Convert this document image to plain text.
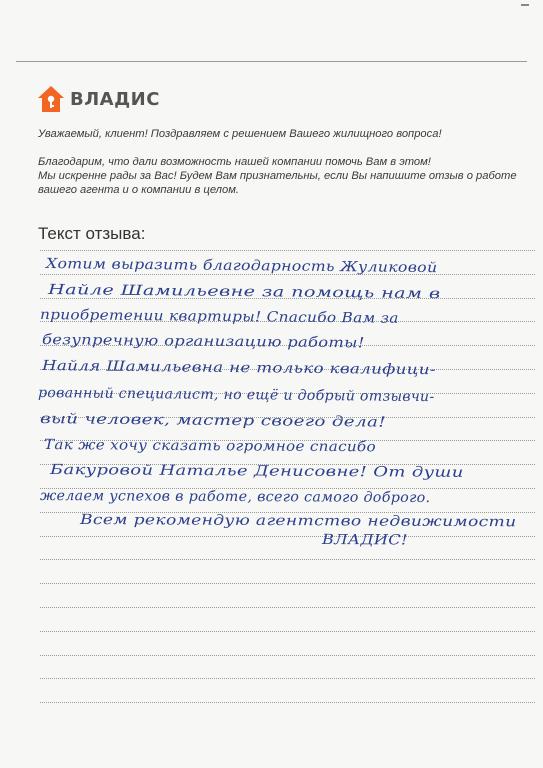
ВЛАДИС
Уважаемый, клиент! Поздравляем с решением Вашего жилищного вопроса!
Благодарим, что дали возможность нашей компании помочь Вам в этом!
Мы искренне рады за Вас! Будем Вам признательны, если Вы напишите отзыв о работе
вашего агента и о компании в целом.
Текст отзыва:
Хотим выразить благодарность Жуликовой
Найле Шамильевне за помощь нам в
приобретении квартиры! Спасибо Вам за
безупречную организацию работы!
Найля Шамильевна не только квалифици-
рованный специалист, но ещё и добрый отзывчи-
вый человек, мастер своего дела!
Так же хочу сказать огромное спасибо
Бакуровой Наталье Денисовне! От души
желаем успехов в работе, всего самого доброго.
Всем рекомендую агентство недвижимости
ВЛАДИС!
